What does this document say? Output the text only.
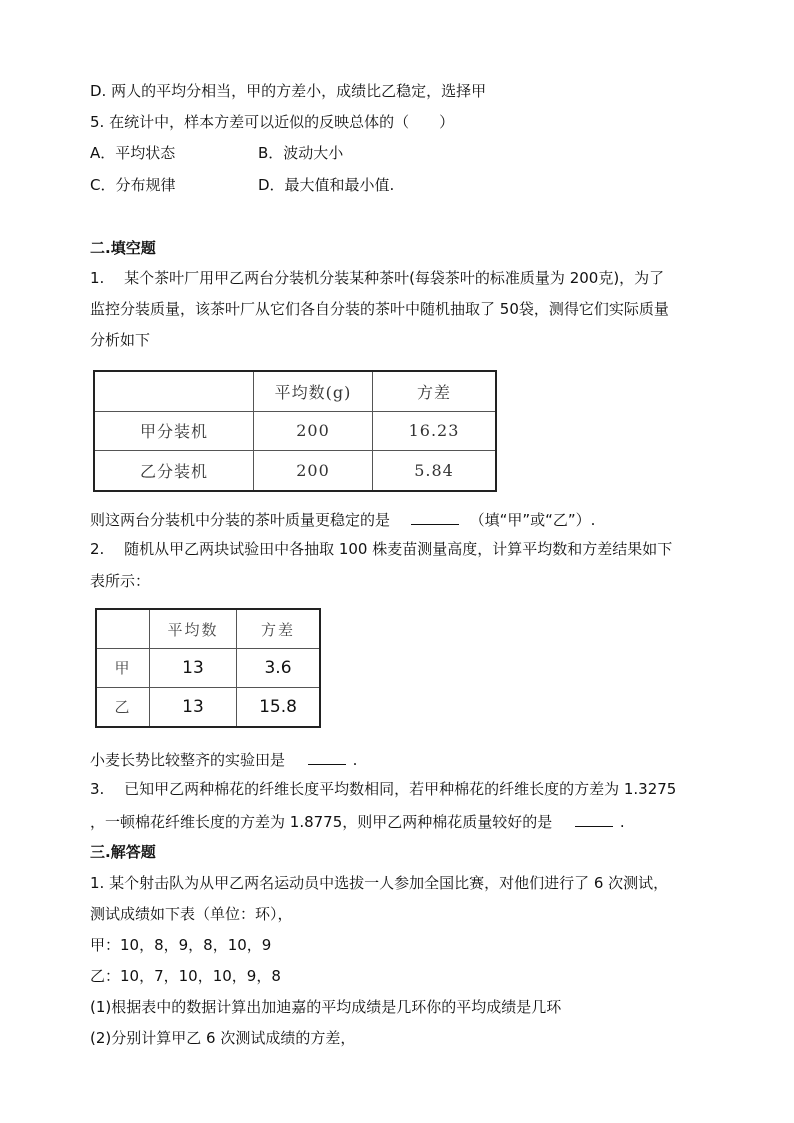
D. 两人的平均分相当，甲的方差小，成绩比乙稳定，选择甲
5. 在统计中，样本方差可以近似的反映总体的（　　）
A．平均状态	B．波动大小
C．分布规律	D．最大值和最小值.
二.填空题
1.　 某个茶叶厂用甲乙两台分装机分装某种茶叶(每袋茶叶的标准质量为 200克)，为了
监控分装质量，该茶叶厂从它们各自分装的茶叶中随机抽取了 50袋，测得它们实际质量
分析如下
	平均数(g)	方差
甲分装机	200	16.23
乙分装机	200	5.84
则这两台分装机中分装的茶叶质量更稳定的是	（填“甲”或“乙”）.
2.　 随机从甲乙两块试验田中各抽取 100 株麦苗测量高度，计算平均数和方差结果如下
表所示：
	平均数	方差
甲	13	3.6
乙	13	15.8
小麦长势比较整齐的实验田是	.
3.　 已知甲乙两种棉花的纤维长度平均数相同，若甲种棉花的纤维长度的方差为 1.3275
，一顿棉花纤维长度的方差为 1.8775，则甲乙两种棉花质量较好的是	.
三.解答题
1. 某个射击队为从甲乙两名运动员中选拔一人参加全国比赛，对他们进行了 6 次测试，
测试成绩如下表（单位：环），
甲：10，8，9，8，10，9
乙：10，7，10，10，9，8
(1)根据表中的数据计算出加迪嘉的平均成绩是几环你的平均成绩是几环
(2)分别计算甲乙 6 次测试成绩的方差，
